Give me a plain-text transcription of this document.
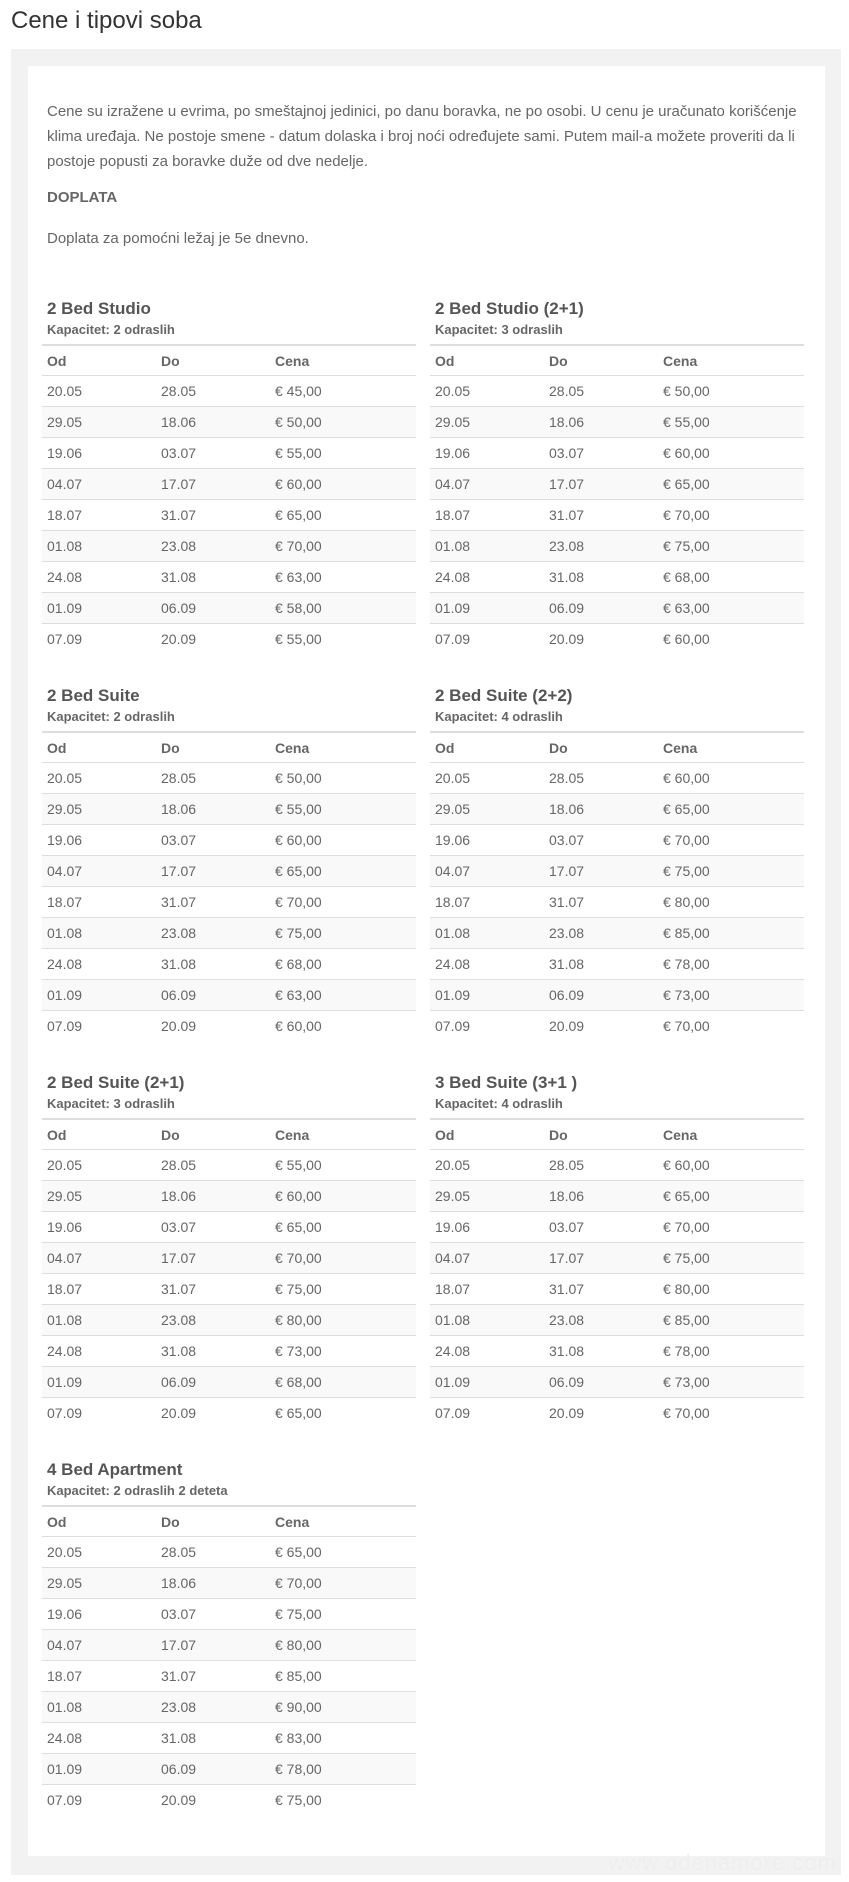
Cene i tipovi soba

Cene su izražene u evrima, po smeštajnoj jedinici, po danu boravka, ne po osobi. U cenu je uračunato korišćenje klima uređaja. Ne postoje smene - datum dolaska i broj noći određujete sami. Putem mail-a možete proveriti da li postoje popusti za boravke duže od dve nedelje.

DOPLATA

Doplata za pomoćni ležaj je 5e dnevno.

2 Bed Studio
Kapacitet: 2 odraslih
Od	Do	Cena
20.05	28.05	€ 45,00
29.05	18.06	€ 50,00
19.06	03.07	€ 55,00
04.07	17.07	€ 60,00
18.07	31.07	€ 65,00
01.08	23.08	€ 70,00
24.08	31.08	€ 63,00
01.09	06.09	€ 58,00
07.09	20.09	€ 55,00
2 Bed Studio (2+1)
Kapacitet: 3 odraslih
Od	Do	Cena
20.05	28.05	€ 50,00
29.05	18.06	€ 55,00
19.06	03.07	€ 60,00
04.07	17.07	€ 65,00
18.07	31.07	€ 70,00
01.08	23.08	€ 75,00
24.08	31.08	€ 68,00
01.09	06.09	€ 63,00
07.09	20.09	€ 60,00
2 Bed Suite
Kapacitet: 2 odraslih
Od	Do	Cena
20.05	28.05	€ 50,00
29.05	18.06	€ 55,00
19.06	03.07	€ 60,00
04.07	17.07	€ 65,00
18.07	31.07	€ 70,00
01.08	23.08	€ 75,00
24.08	31.08	€ 68,00
01.09	06.09	€ 63,00
07.09	20.09	€ 60,00
2 Bed Suite (2+2)
Kapacitet: 4 odraslih
Od	Do	Cena
20.05	28.05	€ 60,00
29.05	18.06	€ 65,00
19.06	03.07	€ 70,00
04.07	17.07	€ 75,00
18.07	31.07	€ 80,00
01.08	23.08	€ 85,00
24.08	31.08	€ 78,00
01.09	06.09	€ 73,00
07.09	20.09	€ 70,00
2 Bed Suite (2+1)
Kapacitet: 3 odraslih
Od	Do	Cena
20.05	28.05	€ 55,00
29.05	18.06	€ 60,00
19.06	03.07	€ 65,00
04.07	17.07	€ 70,00
18.07	31.07	€ 75,00
01.08	23.08	€ 80,00
24.08	31.08	€ 73,00
01.09	06.09	€ 68,00
07.09	20.09	€ 65,00
3 Bed Suite (3+1 )
Kapacitet: 4 odraslih
Od	Do	Cena
20.05	28.05	€ 60,00
29.05	18.06	€ 65,00
19.06	03.07	€ 70,00
04.07	17.07	€ 75,00
18.07	31.07	€ 80,00
01.08	23.08	€ 85,00
24.08	31.08	€ 78,00
01.09	06.09	€ 73,00
07.09	20.09	€ 70,00
4 Bed Apartment
Kapacitet: 2 odraslih 2 deteta
Od	Do	Cena
20.05	28.05	€ 65,00
29.05	18.06	€ 70,00
19.06	03.07	€ 75,00
04.07	17.07	€ 80,00
18.07	31.07	€ 85,00
01.08	23.08	€ 90,00
24.08	31.08	€ 83,00
01.09	06.09	€ 78,00
07.09	20.09	€ 75,00
www.odenamore.com
